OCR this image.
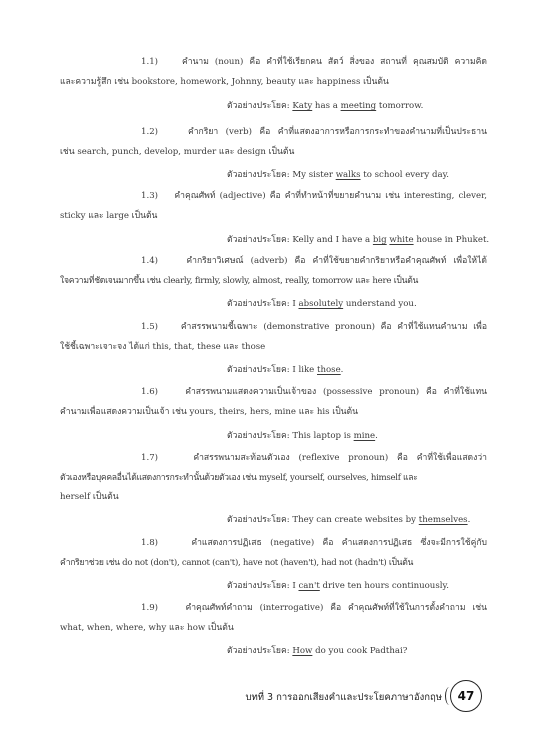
1.1)	คำนาม (noun) คือ คำที่ใช้เรียกคน สัตว์ สิ่งของ สถานที่ คุณสมบัติ ความคิด
และความรู้สึก เช่น bookstore, homework, Johnny, beauty และ happiness เป็นต้น
ตัวอย่างประโยค: Katy has a meeting tomorrow.
1.2)	คำกริยา (verb) คือ คำที่แสดงอาการหรือการกระทำของคำนามที่เป็นประธาน
เช่น search, punch, develop, murder และ design เป็นต้น
ตัวอย่างประโยค: My sister walks to school every day.
1.3) คำคุณศัพท์ (adjective) คือ คำที่ทำหน้าที่ขยายคำนาม เช่น interesting, clever,
sticky และ large เป็นต้น
ตัวอย่างประโยค: Kelly and I have a big white house in Phuket.
1.4)	คำกริยาวิเศษณ์ (adverb) คือ คำที่ใช้ขยายคำกริยาหรือคำคุณศัพท์ เพื่อให้ได้
ใจความที่ชัดเจนมากขึ้น เช่น clearly, firmly, slowly, almost, really, tomorrow และ here เป็นต้น
ตัวอย่างประโยค: I absolutely understand you.
1.5)	คำสรรพนามชี้เฉพาะ (demonstrative pronoun) คือ คำที่ใช้แทนคำนาม เพื่อ
ใช้ชี้เฉพาะเจาะจง ได้แก่ this, that, these และ those
ตัวอย่างประโยค: I like those.
1.6)	คำสรรพนามแสดงความเป็นเจ้าของ (possessive pronoun) คือ คำที่ใช้แทน
คำนามเพื่อแสดงความเป็นเจ้า เช่น yours, theirs, hers, mine และ his เป็นต้น
ตัวอย่างประโยค: This laptop is mine.
1.7)	คำสรรพนามสะท้อนตัวเอง (reflexive pronoun) คือ คำที่ใช้เพื่อแสดงว่า
ตัวเองหรือบุคคลอื่นได้แสดงการกระทำนั้นด้วยตัวเอง เช่น myself, yourself, ourselves, himself และ
herself เป็นต้น
ตัวอย่างประโยค: They can create websites by themselves.
1.8)	คำแสดงการปฏิเสธ (negative) คือ คำแสดงการปฏิเสธ ซึ่งจะมีการใช้คู่กับ
คำกริยาช่วย เช่น do not (don't), cannot (can't), have not (haven't), had not (hadn't) เป็นต้น
ตัวอย่างประโยค: I can't drive ten hours continuously.
1.9)	คำคุณศัพท์คำถาม (interrogative) คือ คำคุณศัพท์ที่ใช้ในการตั้งคำถาม เช่น
what, when, where, why และ how เป็นต้น
ตัวอย่างประโยค: How do you cook Padthai?
บทที่ 3 การออกเสียงคำและประโยคภาษาอังกฤษ 47
